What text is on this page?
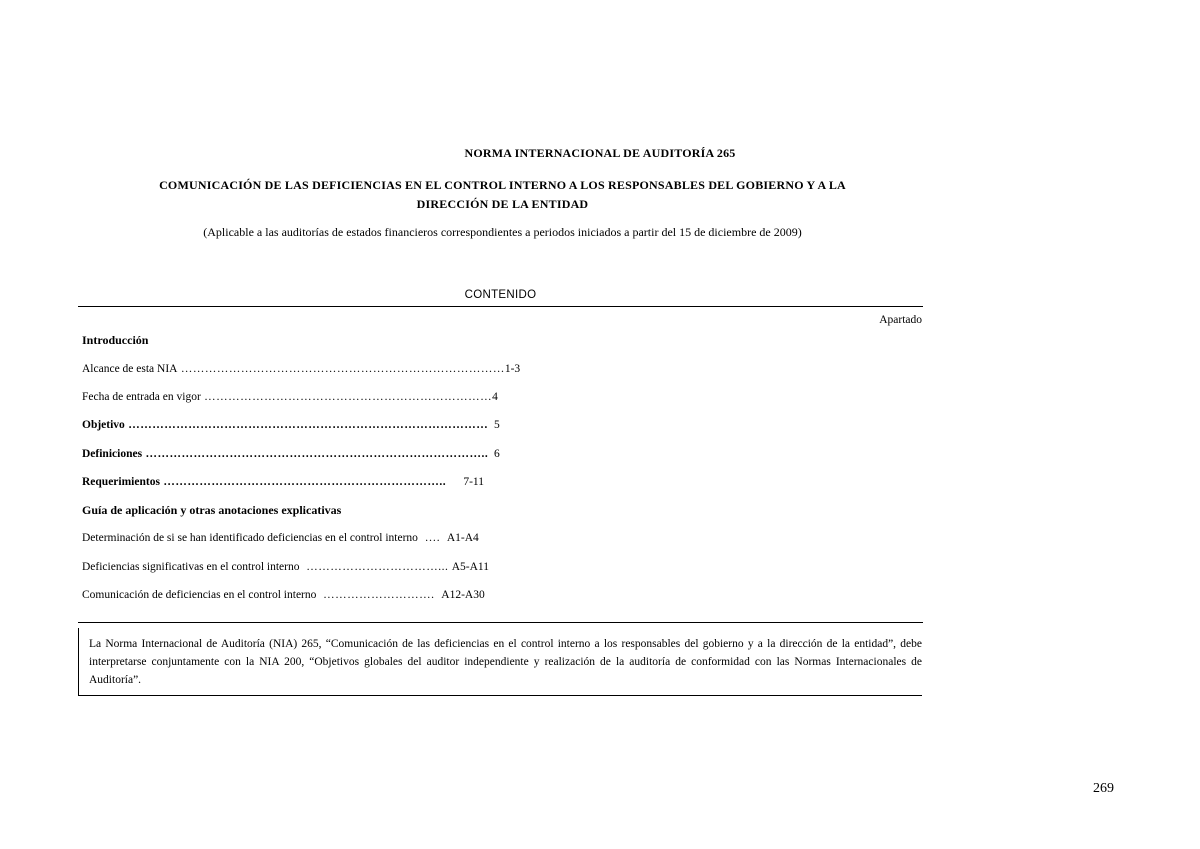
NORMA INTERNACIONAL DE AUDITORÍA 265

COMUNICACIÓN DE LAS DEFICIENCIAS EN EL CONTROL INTERNO A LOS RESPONSABLES DEL GOBIERNO Y A LA
DIRECCIÓN DE LA ENTIDAD
(Aplicable a las auditorías de estados financieros correspondientes a periodos iniciados a partir del 15 de diciembre de 2009)
CONTENIDO
Apartado
Introducción
Alcance de esta NIA ………………………………………………………………………1-3
Fecha de entrada en vigor ………………………………………………………………4
Objetivo ………………………………………………………………………………  5
Definiciones …………………………………………………………………………..  6
Requerimientos ……………………………………………………………..      7-11
Guía de aplicación y otras anotaciones explicativas
Determinación de si se han identificado deficiencias en el control interno  ….  A1-A4
Deficiencias significativas en el control interno  ……………………………... A5-A11
Comunicación de deficiencias en el control interno  ……………………….  A12-A30
La Norma Internacional de Auditoría (NIA) 265, “Comunicación de las deficiencias en el control interno a los responsables del gobierno y a la dirección de la entidad”, debe interpretarse conjuntamente con la NIA 200, “Objetivos globales del auditor independiente y realización de la auditoría de conformidad con las Normas Internacionales de Auditoría”.
269
